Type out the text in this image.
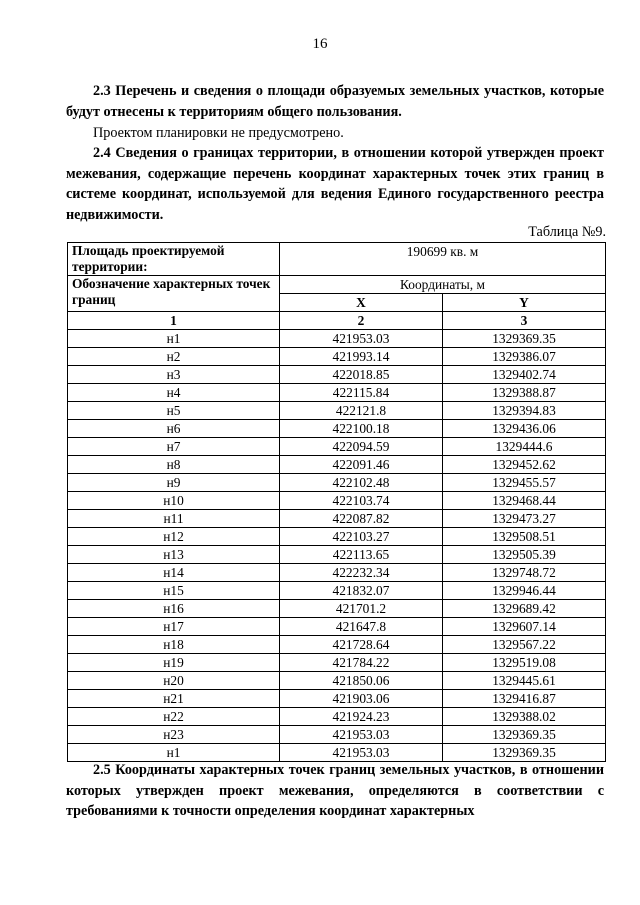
16

2.3 Перечень и сведения о площади образуемых земельных участков, которые будут отнесены к территориям общего пользования.

Проектом планировки не предусмотрено.

2.4 Сведения о границах территории, в отношении которой утвержден проект межевания, содержащие перечень координат характерных точек этих границ в системе координат, используемой для ведения Единого государственного реестра недвижимости.

Таблица №9.
Площадь проектируемой территории:	190699 кв. м	
Обозначение характерных точек границ	Координаты, м	
	X	Y
1	2	3
н1	421953.03	1329369.35
н2	421993.14	1329386.07
н3	422018.85	1329402.74
н4	422115.84	1329388.87
н5	422121.8	1329394.83
н6	422100.18	1329436.06
н7	422094.59	1329444.6
н8	422091.46	1329452.62
н9	422102.48	1329455.57
н10	422103.74	1329468.44
н11	422087.82	1329473.27
н12	422103.27	1329508.51
н13	422113.65	1329505.39
н14	422232.34	1329748.72
н15	421832.07	1329946.44
н16	421701.2	1329689.42
н17	421647.8	1329607.14
н18	421728.64	1329567.22
н19	421784.22	1329519.08
н20	421850.06	1329445.61
н21	421903.06	1329416.87
н22	421924.23	1329388.02
н23	421953.03	1329369.35
н1	421953.03	1329369.35

2.5 Координаты характерных точек границ земельных участков, в отношении которых утвержден проект межевания, определяются в соответствии с требованиями к точности определения координат характерных
